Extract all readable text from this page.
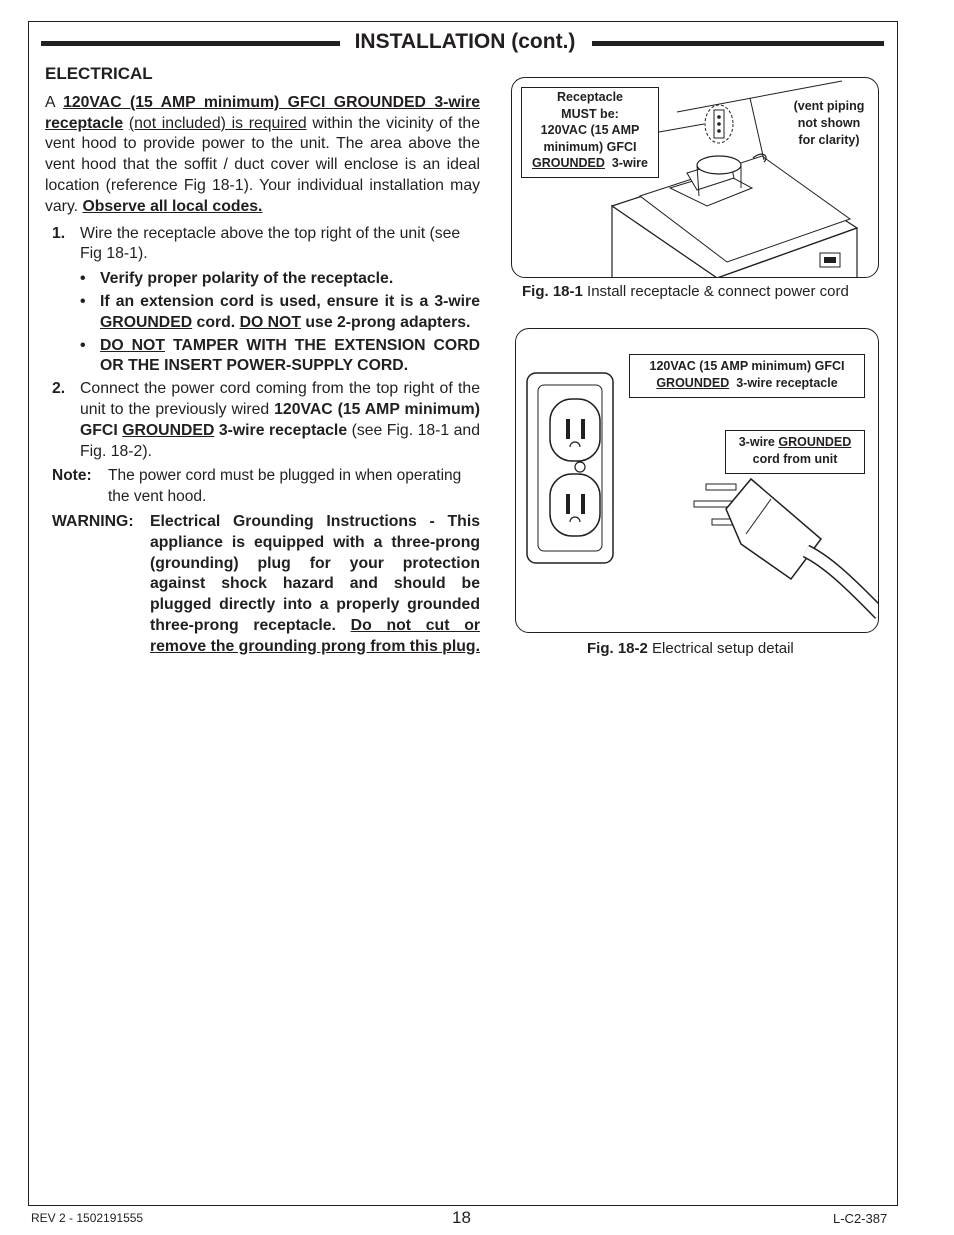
INSTALLATION (cont.)
ELECTRICAL
A 120VAC (15 AMP minimum) GFCI GROUNDED 3-wire receptacle (not included) is required within the vicinity of the vent hood to provide power to the unit. The area above the vent hood that the soffit / duct cover will enclose is an ideal location (reference Fig 18-1). Your individual installation may vary. Observe all local codes.
1. Wire the receptacle above the top right of the unit (see Fig 18-1).
• Verify proper polarity of the receptacle.
• If an extension cord is used, ensure it is a 3-wire GROUNDED cord. DO NOT use 2-prong adapters.
• DO NOT TAMPER WITH THE EXTENSION CORD OR THE INSERT POWER-SUPPLY CORD.
2. Connect the power cord coming from the top right of the unit to the previously wired 120VAC (15 AMP minimum) GFCI GROUNDED 3-wire receptacle (see Fig. 18-1 and Fig. 18-2).
Note: The power cord must be plugged in when operating the vent hood.
WARNING: Electrical Grounding Instructions - This appliance is equipped with a three-prong (grounding) plug for your protection against shock hazard and should be plugged directly into a properly grounded three-prong receptacle. Do not cut or remove the grounding prong from this plug.
Receptacle
MUST be:
120VAC (15 AMP
minimum) GFCI
GROUNDED 3-wire
(vent piping
not shown
for clarity)
Fig. 18-1 Install receptacle & connect power cord
120VAC (15 AMP minimum) GFCI
GROUNDED 3-wire receptacle
3-wire GROUNDED
cord from unit
Fig. 18-2 Electrical setup detail
REV 2 - 1502191555	18	L-C2-387
